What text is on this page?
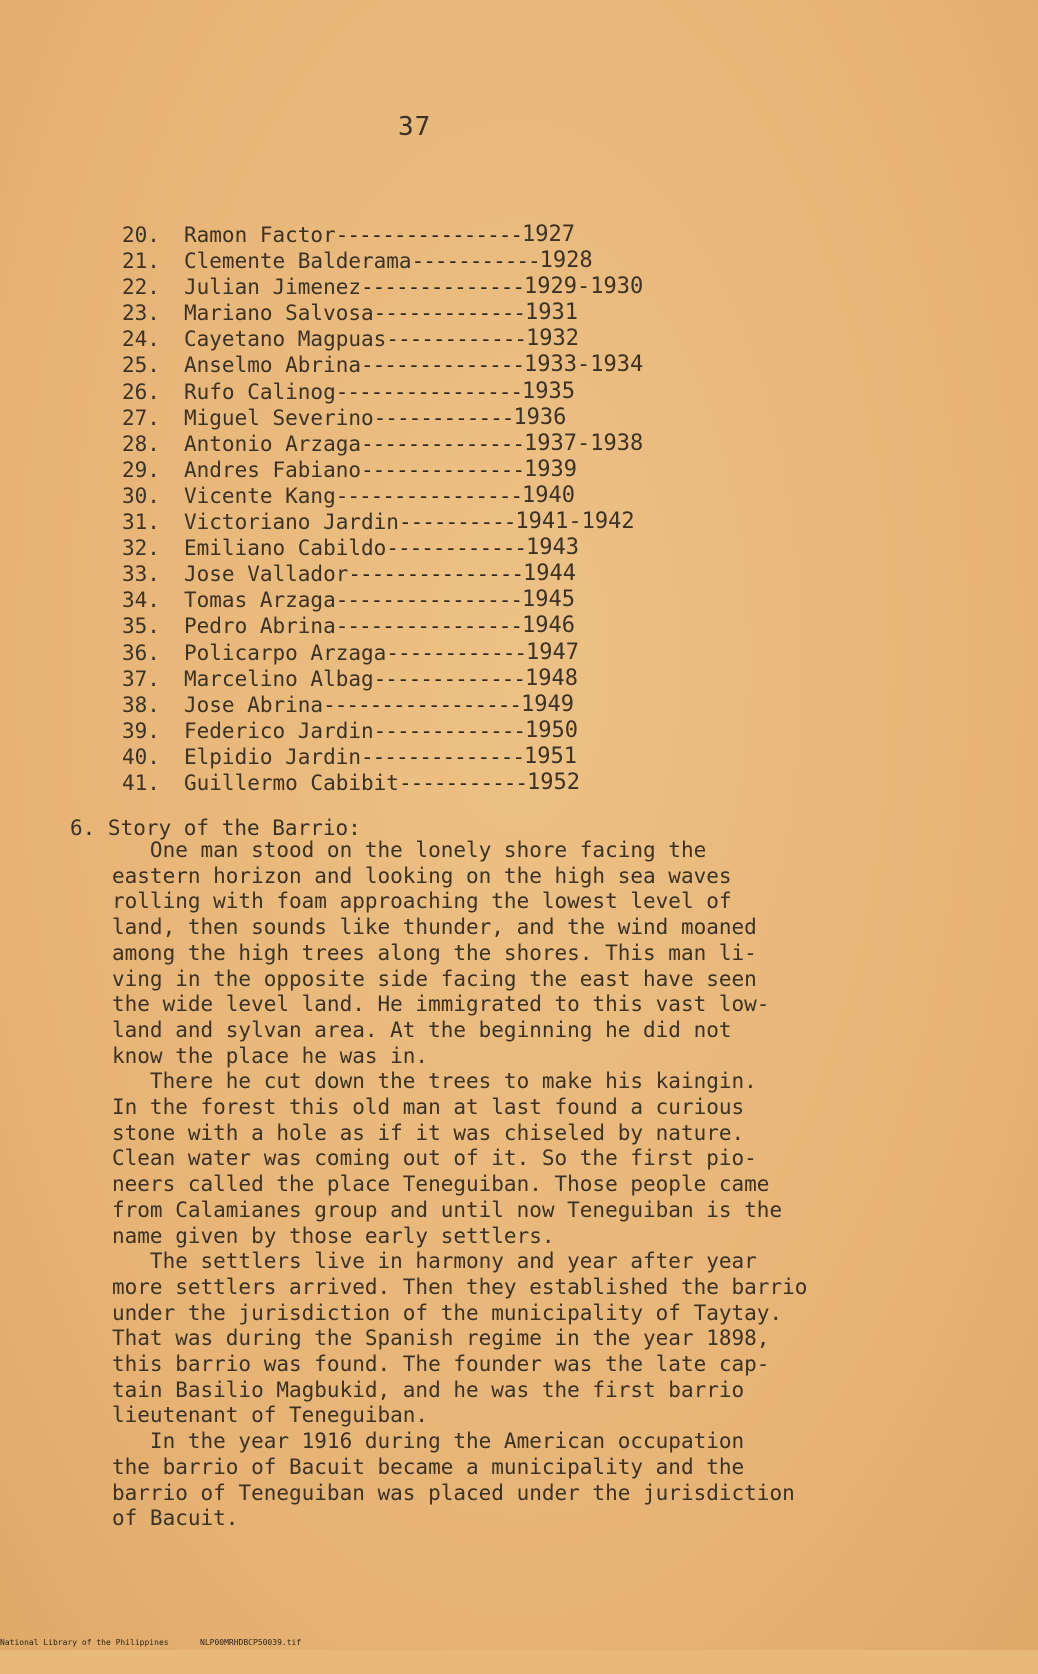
37
20.	Ramon Factor ---------------- 1927
21.	Clemente Balderama ----------- 1928
22.	Julian Jimenez -------------- 1929-1930
23.	Mariano Salvosa ------------- 1931
24.	Cayetano Magpuas ------------ 1932
25.	Anselmo Abrina -------------- 1933-1934
26.	Rufo Calinog ---------------- 1935
27.	Miguel Severino ------------ 1936
28.	Antonio Arzaga -------------- 1937-1938
29.	Andres Fabiano -------------- 1939
30.	Vicente Kang ---------------- 1940
31.	Victoriano Jardin ---------- 1941-1942
32.	Emiliano Cabildo ------------ 1943
33.	Jose Vallador --------------- 1944
34.	Tomas Arzaga ---------------- 1945
35.	Pedro Abrina ---------------- 1946
36.	Policarpo Arzaga ------------ 1947
37.	Marcelino Albag ------------- 1948
38.	Jose Abrina ----------------- 1949
39.	Federico Jardin ------------- 1950
40.	Elpidio Jardin -------------- 1951
41.	Guillermo Cabibit ----------- 1952
6. Story of the Barrio:

One man stood on the lonely shore facing the

eastern horizon and looking on the high sea waves

rolling with foam approaching the lowest level of

land, then sounds like thunder, and the wind moaned

among the high trees along the shores. This man li-

ving in the opposite side facing the east have seen

the wide level land. He immigrated to this vast low-

land and sylvan area. At the beginning he did not

know the place he was in.

There he cut down the trees to make his kaingin.

In the forest this old man at last found a curious

stone with a hole as if it was chiseled by nature.

Clean water was coming out of it. So the first pio-

neers called the place Teneguiban. Those people came

from Calamianes group and until now Teneguiban is the

name given by those early settlers.

The settlers live in harmony and year after year

more settlers arrived. Then they established the barrio

under the jurisdiction of the municipality of Taytay.

That was during the Spanish regime in the year 1898,

this barrio was found. The founder was the late cap-

tain Basilio Magbukid, and he was the first barrio

lieutenant of Teneguiban.

In the year 1916 during the American occupation

the barrio of Bacuit became a municipality and the

barrio of Teneguiban was placed under the jurisdiction

of Bacuit.

National Library of the Philippines

	NLP00MRHDBCP50039.tif
